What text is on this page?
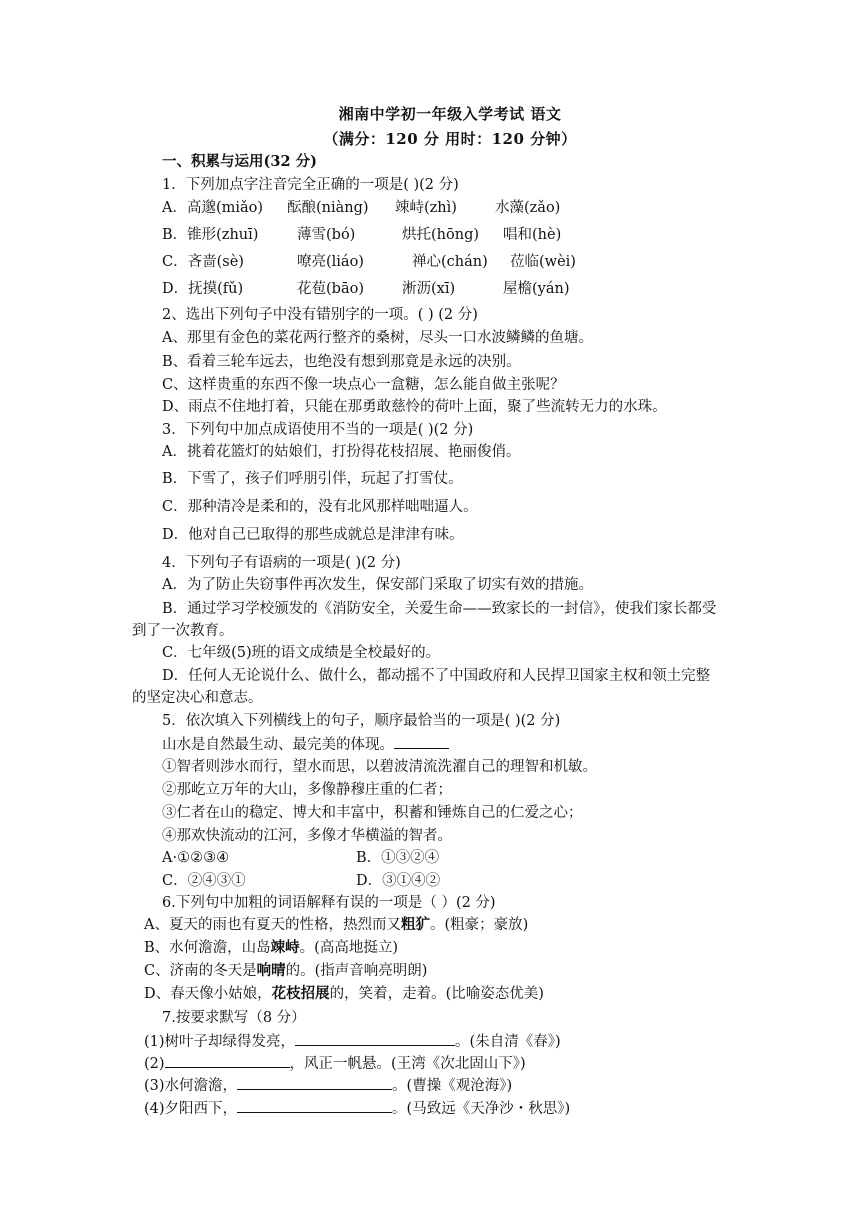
湘南中学初一年级入学考试 语文
（满分：120 分 用时：120 分钟）
一、积累与运用(32 分)
1．下列加点字注音完全正确的一项是( )(2 分)
A．高邈(miǎo) 酝酿(niàng) 竦峙(zhì)	水藻(zǎo)
B．锥形(zhuī)	薄雪(bó)	烘托(hōng) 唱和(hè)
C．吝啬(sè)	嘹亮(liáo)	禅心(chán) 莅临(wèi)
D．抚摸(fǔ)	花苞(bāo)	淅沥(xī)	屋檐(yán)
2、选出下列句子中没有错别字的一项。( ) (2 分)
A、那里有金色的菜花两行整齐的桑树，尽头一口水波鳞鳞的鱼塘。
B、看着三轮车远去，也绝没有想到那竟是永远的决别。
C、这样贵重的东西不像一块点心一盒糖，怎么能自做主张呢？
D、雨点不住地打着，只能在那勇敢慈怜的荷叶上面，聚了些流转无力的水珠。
3．下列句中加点成语使用不当的一项是( )(2 分)
A．挑着花篮灯的姑娘们，打扮得花枝招展、艳丽俊俏。
B．下雪了，孩子们呼朋引伴，玩起了打雪仗。
C．那种清冷是柔和的，没有北风那样咄咄逼人。
D．他对自己已取得的那些成就总是津津有味。
4．下列句子有语病的一项是( )(2 分)
A．为了防止失窃事件再次发生，保安部门采取了切实有效的措施。
B．通过学习学校颁发的《消防安全，关爱生命——致家长的一封信》，使我们家长都受
到了一次教育。
C．七年级(5)班的语文成绩是全校最好的。
D．任何人无论说什么、做什么，都动摇不了中国政府和人民捍卫国家主权和领土完整
的坚定决心和意志。
5．依次填入下列横线上的句子，顺序最恰当的一项是( )(2 分)
山水是自然最生动、最完美的体现。
①智者则涉水而行，望水而思，以碧波清流洗濯自己的理智和机敏。
②那屹立万年的大山，多像静穆庄重的仁者；
③仁者在山的稳定、博大和丰富中，积蓄和锤炼自己的仁爱之心；
④那欢快流动的江河，多像才华横溢的智者。
A·①②③④	B．①③②④
C．②④③①	D．③①④②
6.下列句中加粗的词语解释有误的一项是（ ）(2 分)
A、夏天的雨也有夏天的性格，热烈而又粗犷。(粗豪；豪放)
B、水何澹澹，山岛竦峙。(高高地挺立)
C、济南的冬天是响晴的。(指声音响亮明朗)
D、春天像小姑娘，花枝招展的，笑着，走着。(比喻姿态优美)
7.按要求默写（8 分）
(1)树叶子却绿得发亮，	。(朱自清《春》)
(2)	，风正一帆悬。(王湾《次北固山下》)
(3)水何澹澹，	。(曹操《观沧海》)
(4)夕阳西下，	。(马致远《天净沙・秋思》)
